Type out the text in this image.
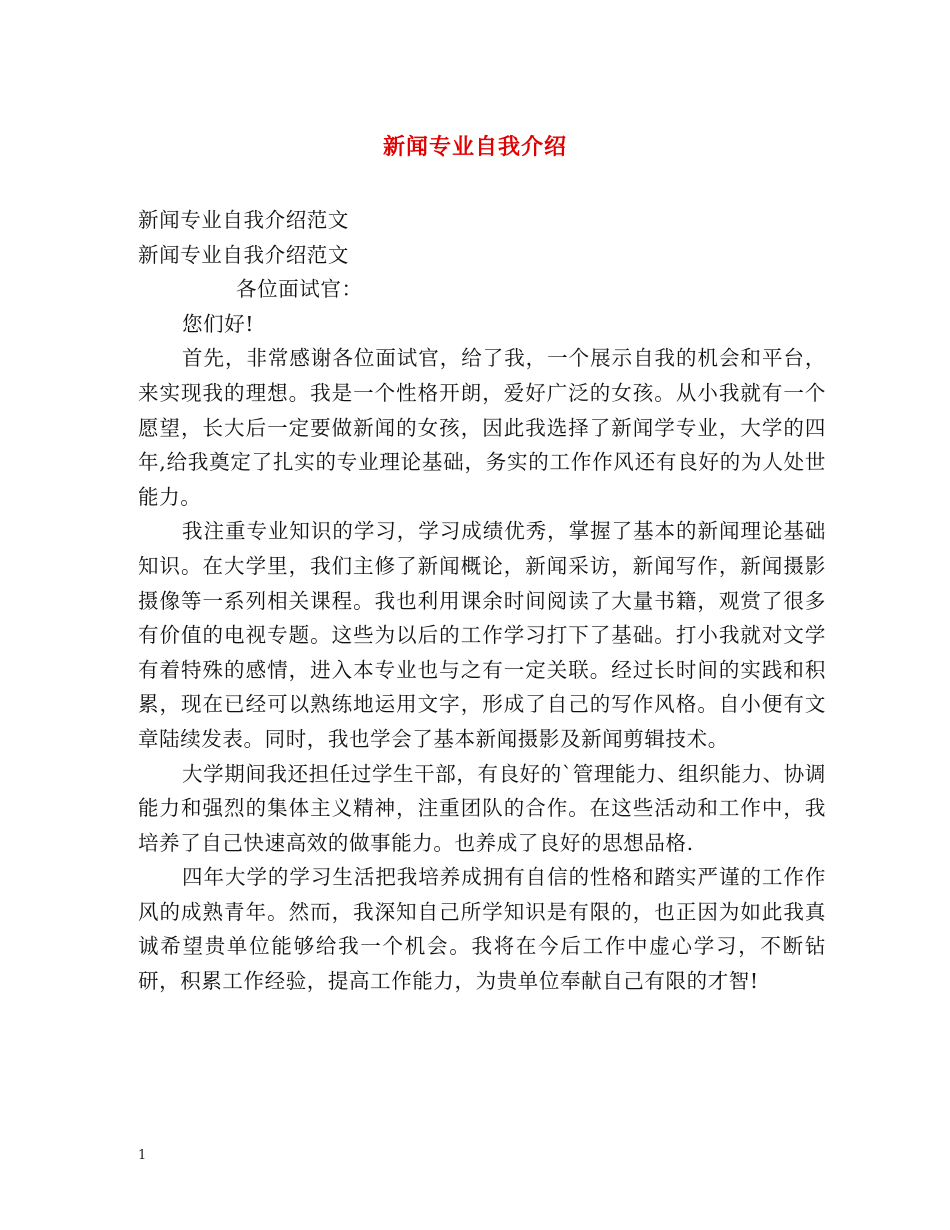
新闻专业自我介绍

新闻专业自我介绍范文

新闻专业自我介绍范文

各位面试官：

您们好!

首先，非常感谢各位面试官，给了我，一个展示自我的机会和平台，来实现我的理想。我是一个性格开朗，爱好广泛的女孩。从小我就有一个愿望，长大后一定要做新闻的女孩，因此我选择了新闻学专业，大学的四年,给我奠定了扎实的专业理论基础，务实的工作作风还有良好的为人处世能力。

我注重专业知识的学习，学习成绩优秀，掌握了基本的新闻理论基础知识。在大学里，我们主修了新闻概论，新闻采访，新闻写作，新闻摄影摄像等一系列相关课程。我也利用课余时间阅读了大量书籍，观赏了很多有价值的电视专题。这些为以后的工作学习打下了基础。打小我就对文学有着特殊的感情，进入本专业也与之有一定关联。经过长时间的实践和积累，现在已经可以熟练地运用文字，形成了自己的写作风格。自小便有文章陆续发表。同时，我也学会了基本新闻摄影及新闻剪辑技术。

大学期间我还担任过学生干部，有良好的`管理能力、组织能力、协调能力和强烈的集体主义精神，注重团队的合作。在这些活动和工作中，我培养了自己快速高效的做事能力。也养成了良好的思想品格.

四年大学的学习生活把我培养成拥有自信的性格和踏实严谨的工作作风的成熟青年。然而，我深知自己所学知识是有限的，也正因为如此我真诚希望贵单位能够给我一个机会。我将在今后工作中虚心学习，不断钻研，积累工作经验，提高工作能力，为贵单位奉献自己有限的才智!

1
